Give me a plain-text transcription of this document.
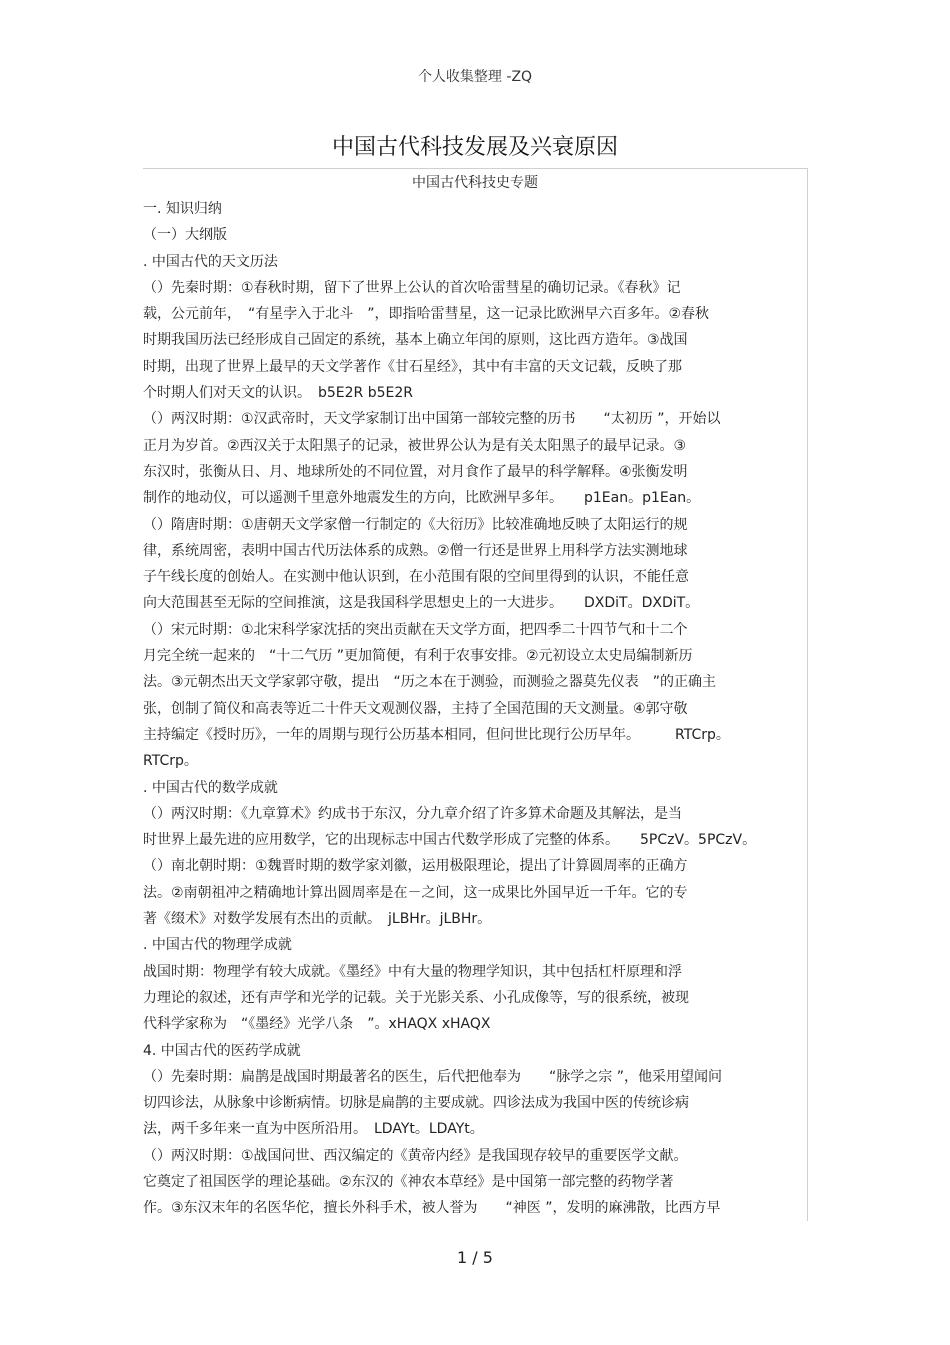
个人收集整理 -ZQ
中国古代科技发展及兴衰原因
中国古代科技史专题
一. 知识归纳
（一）大纲版
. 中国古代的天文历法
（）先秦时期：①春秋时期，留下了世界上公认的首次哈雷彗星的确切记录。《春秋》记
载，公元前年，　“有星孛入于北斗　”，即指哈雷彗星，这一记录比欧洲早六百多年。②春秋
时期我国历法已经形成自己固定的系统，基本上确立年闰的原则，这比西方造年。③战国
时期，出现了世界上最早的天文学著作《甘石星经》，其中有丰富的天文记载，反映了那
个时期人们对天文的认识。　b5E2R b5E2R
（）两汉时期：①汉武帝时，天文学家制订出中国第一部较完整的历书　　“太初历 ”，开始以
正月为岁首。②西汉关于太阳黑子的记录，被世界公认为是有关太阳黑子的最早记录。③
东汉时，张衡从日、月、地球所处的不同位置，对月食作了最早的科学解释。④张衡发明
制作的地动仪，可以遥测千里意外地震发生的方向，比欧洲早多年。　　p1Ean。p1Ean。
（）隋唐时期：①唐朝天文学家僧一行制定的《大衍历》比较准确地反映了太阳运行的规
律，系统周密，表明中国古代历法体系的成熟。②僧一行还是世界上用科学方法实测地球
子午线长度的创始人。在实测中他认识到，在小范围有限的空间里得到的认识，不能任意
向大范围甚至无际的空间推演，这是我国科学思想史上的一大进步。　　DXDiT。DXDiT。
（）宋元时期：①北宋科学家沈括的突出贡献在天文学方面，把四季二十四节气和十二个
月完全统一起来的　“十二气历 ”更加简便，有利于农事安排。②元初设立太史局编制新历
法。③元朝杰出天文学家郭守敬，提出　“历之本在于测验，而测验之器莫先仪表　”的正确主
张，创制了简仪和高表等近二十件天文观测仪器，主持了全国范围的天文测量。④郭守敬
主持编定《授时历》，一年的周期与现行公历基本相同，但问世比现行公历早年。　　　RTCrp。
RTCrp。
. 中国古代的数学成就
（）两汉时期：《九章算术》约成书于东汉，分九章介绍了许多算术命题及其解法，是当
时世界上最先进的应用数学，它的出现标志中国古代数学形成了完整的体系。　　5PCzV。5PCzV。
（）南北朝时期：①魏晋时期的数学家刘徽，运用极限理论，提出了计算圆周率的正确方
法。②南朝祖冲之精确地计算出圆周率是在－之间，这一成果比外国早近一千年。它的专
著《缀术》对数学发展有杰出的贡献。　jLBHr。jLBHr。
. 中国古代的物理学成就
战国时期：物理学有较大成就。《墨经》中有大量的物理学知识，其中包括杠杆原理和浮
力理论的叙述，还有声学和光学的记载。关于光影关系、小孔成像等，写的很系统，被现
代科学家称为　“《墨经》光学八条　”。xHAQX xHAQX
4. 中国古代的医药学成就
（）先秦时期：扁鹊是战国时期最著名的医生，后代把他奉为　　“脉学之宗 ”，他采用望闻问
切四诊法，从脉象中诊断病情。切脉是扁鹊的主要成就。四诊法成为我国中医的传统诊病
法，两千多年来一直为中医所沿用。　LDAYt。LDAYt。
（）两汉时期：①战国问世、西汉编定的《黄帝内经》是我国现存较早的重要医学文献。
它奠定了祖国医学的理论基础。②东汉的《神农本草经》是中国第一部完整的药物学著
作。③东汉末年的名医华佗，擅长外科手术，被人誉为　　“神医 ”，发明的麻沸散，比西方早
1 / 5
